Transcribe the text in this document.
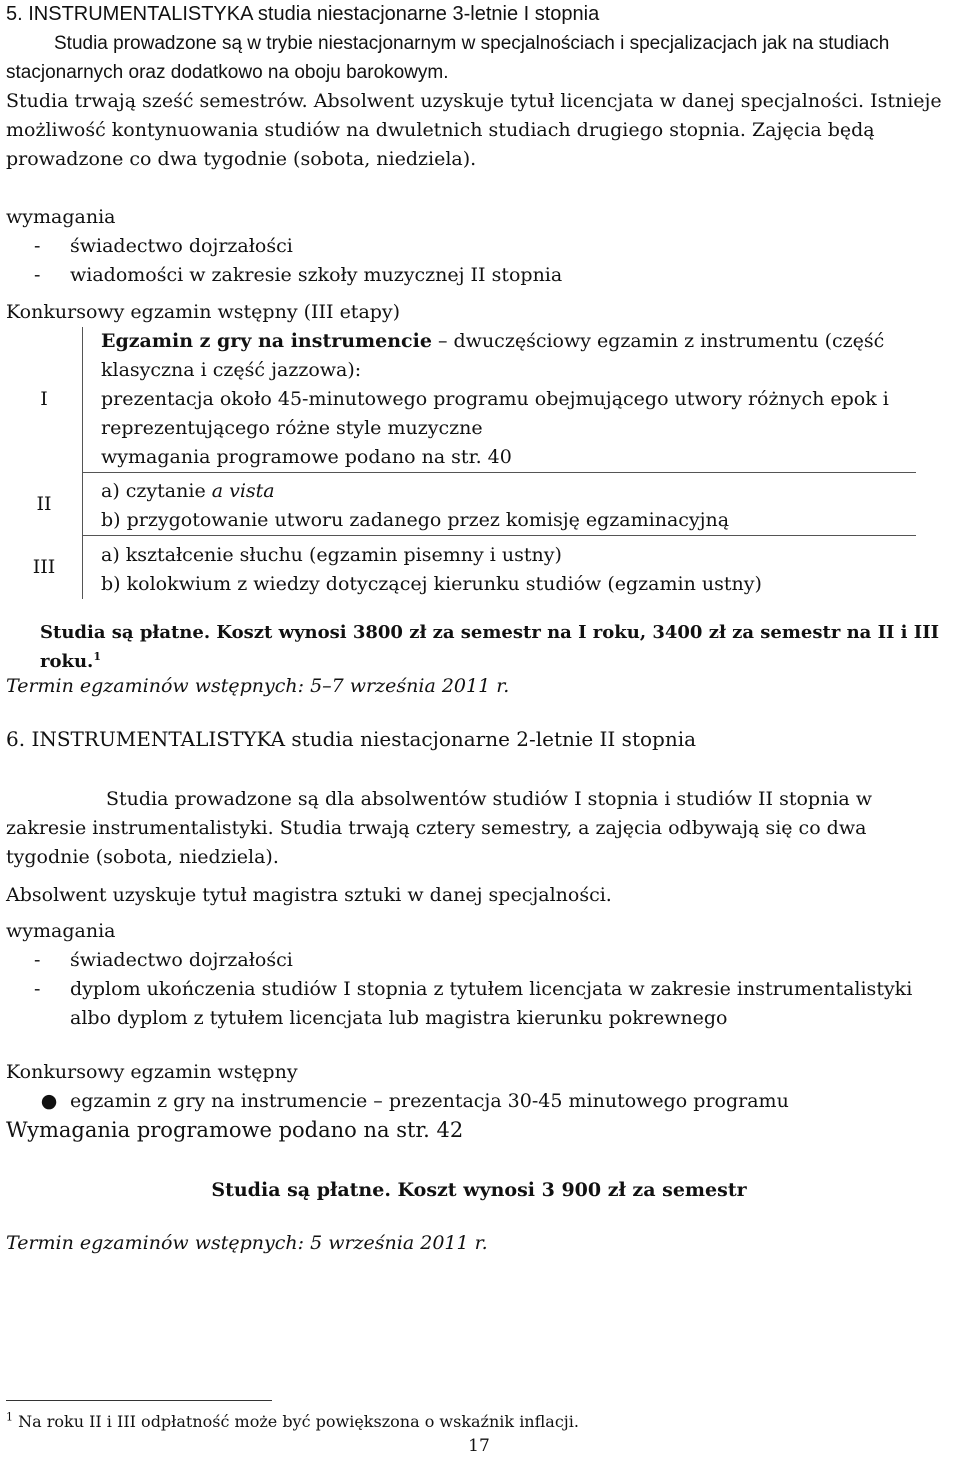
5. INSTRUMENTALISTYKA studia niestacjonarne 3-letnie I stopnia
Studia prowadzone są w trybie niestacjonarnym w specjalnościach i specjalizacjach jak na studiach stacjonarnych oraz dodatkowo na oboju barokowym.
Studia trwają sześć semestrów. Absolwent uzyskuje tytuł licencjata w danej specjalności. Istnieje możliwość kontynuowania studiów na dwuletnich studiach drugiego stopnia. Zajęcia będą prowadzone co dwa tygodnie (sobota, niedziela).
wymagania
-	świadectwo dojrzałości
-	wiadomości w zakresie szkoły muzycznej II stopnia
Konkursowy egzamin wstępny (III etapy)
I	Egzamin z gry na instrumencie – dwuczęściowy egzamin z instrumentu (część klasyczna i część jazzowa):
prezentacja około 45-minutowego programu obejmującego utwory różnych epok i reprezentującego różne style muzyczne
wymagania programowe podano na str. 40

II	a) czytanie a vista
b) przygotowanie utworu zadanego przez komisję egzaminacyjną

III	a) kształcenie słuchu (egzamin pisemny i ustny)
b) kolokwium z wiedzy dotyczącej kierunku studiów (egzamin ustny)
Studia są płatne. Koszt wynosi 3800 zł za semestr na I roku, 3400 zł za semestr na II i III roku.$^1$
Termin egzaminów wstępnych: 5–7 września 2011 r.
6. INSTRUMENTALISTYKA studia niestacjonarne 2-letnie II stopnia
Studia prowadzone są dla absolwentów studiów I stopnia i studiów II stopnia w zakresie instrumentalistyki. Studia trwają cztery semestry, a zajęcia odbywają się co dwa tygodnie (sobota, niedziela).
Absolwent uzyskuje tytuł magistra sztuki w danej specjalności.
wymagania
-	świadectwo dojrzałości
-	dyplom ukończenia studiów I stopnia z tytułem licencjata w zakresie instrumentalistyki albo dyplom z tytułem licencjata lub magistra kierunku pokrewnego
Konkursowy egzamin wstępny
● egzamin z gry na instrumencie – prezentacja 30-45 minutowego programu
Wymagania programowe podano na str. 42
Studia są płatne. Koszt wynosi 3 900 zł za semestr
Termin egzaminów wstępnych: 5 września 2011 r.
$^1$ Na roku II i III odpłatność może być powiększona o wskaźnik inflacji.
17
